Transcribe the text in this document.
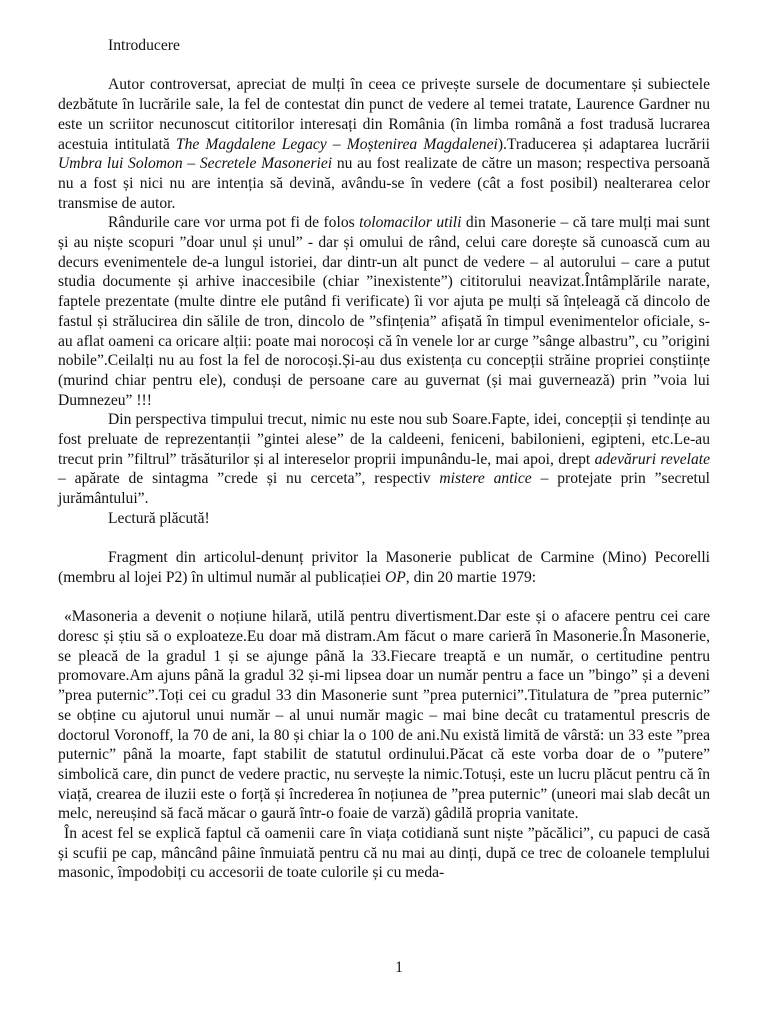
Introducere

Autor controversat, apreciat de mulți în ceea ce privește sursele de documentare și subiectele dezbătute în lucrările sale, la fel de contestat din punct de vedere al temei tratate, Laurence Gardner nu este un scriitor necunoscut cititorilor interesați din România (în limba română a fost tradusă lucrarea acestuia intitulată The Magdalene Legacy – Moștenirea Magdalenei).Traducerea și adaptarea lucrării Umbra lui Solomon – Secretele Masoneriei nu au fost realizate de către un mason; respectiva persoană nu a fost și nici nu are intenția să devină, avându-se în vedere (cât a fost posibil) nealterarea celor transmise de autor.

Rândurile care vor urma pot fi de folos tolomacilor utili din Masonerie – că tare mulți mai sunt și au niște scopuri ”doar unul și unul” - dar și omului de rând, celui care dorește să cunoască cum au decurs evenimentele de-a lungul istoriei, dar dintr-un alt punct de vedere – al autorului – care a putut studia documente și arhive inaccesibile (chiar ”inexistente”) cititorului neavizat.Întâmplările narate, faptele prezentate (multe dintre ele putând fi verificate) îi vor ajuta pe mulți să înțeleagă că dincolo de fastul și strălucirea din sălile de tron, dincolo de ”sfințenia” afișată în timpul evenimentelor oficiale, s-au aflat oameni ca oricare alții: poate mai norocoși că în venele lor ar curge ”sânge albastru”, cu ”origini nobile”.Ceilalți nu au fost la fel de norocoși.Și-au dus existența cu concepții străine propriei conștiințe (murind chiar pentru ele), conduși de persoane care au guvernat (și mai guvernează) prin ”voia lui Dumnezeu” !!!

Din perspectiva timpului trecut, nimic nu este nou sub Soare.Fapte, idei, concepții și tendințe au fost preluate de reprezentanții ”gintei alese” de la caldeeni, feniceni, babilonieni, egipteni, etc.Le-au trecut prin ”filtrul” trăsăturilor și al intereselor proprii impunându-le, mai apoi, drept adevăruri revelate – apărate de sintagma ”crede și nu cerceta”, respectiv mistere antice – protejate prin ”secretul jurământului”.

Lectură plăcută!

Fragment din articolul-denunț privitor la Masonerie publicat de Carmine (Mino) Pecorelli (membru al lojei P2) în ultimul număr al publicației OP, din 20 martie 1979:

«Masoneria a devenit o noțiune hilară, utilă pentru divertisment.Dar este și o afacere pentru cei care doresc și știu să o exploateze.Eu doar mă distram.Am făcut o mare carieră în Masonerie.În Masonerie, se pleacă de la gradul 1 și se ajunge până la 33.Fiecare treaptă e un număr, o certitudine pentru promovare.Am ajuns până la gradul 32 și-mi lipsea doar un număr pentru a face un ”bingo” și a deveni ”prea puternic”.Toți cei cu gradul 33 din Masonerie sunt ”prea puternici”.Titulatura de ”prea puternic” se obține cu ajutorul unui număr – al unui număr magic – mai bine decât cu tratamentul prescris de doctorul Voronoff, la 70 de ani, la 80 și chiar la o 100 de ani.Nu există limită de vârstă: un 33 este ”prea puternic” până la moarte, fapt stabilit de statutul ordinului.Păcat că este vorba doar de o ”putere” simbolică care, din punct de vedere practic, nu servește la nimic.Totuși, este un lucru plăcut pentru că în viață, crearea de iluzii este o forță și încrederea în noțiunea de ”prea puternic” (uneori mai slab decât un melc, nereușind să facă măcar o gaură într-o foaie de varză) gâdilă propria vanitate.

În acest fel se explică faptul că oamenii care în viața cotidiană sunt niște ”păcălici”, cu papuci de casă și scufii pe cap, mâncând pâine înmuiată pentru că nu mai au dinți, după ce trec de coloanele templului masonic, împodobiți cu accesorii de toate culorile și cu meda-

1
